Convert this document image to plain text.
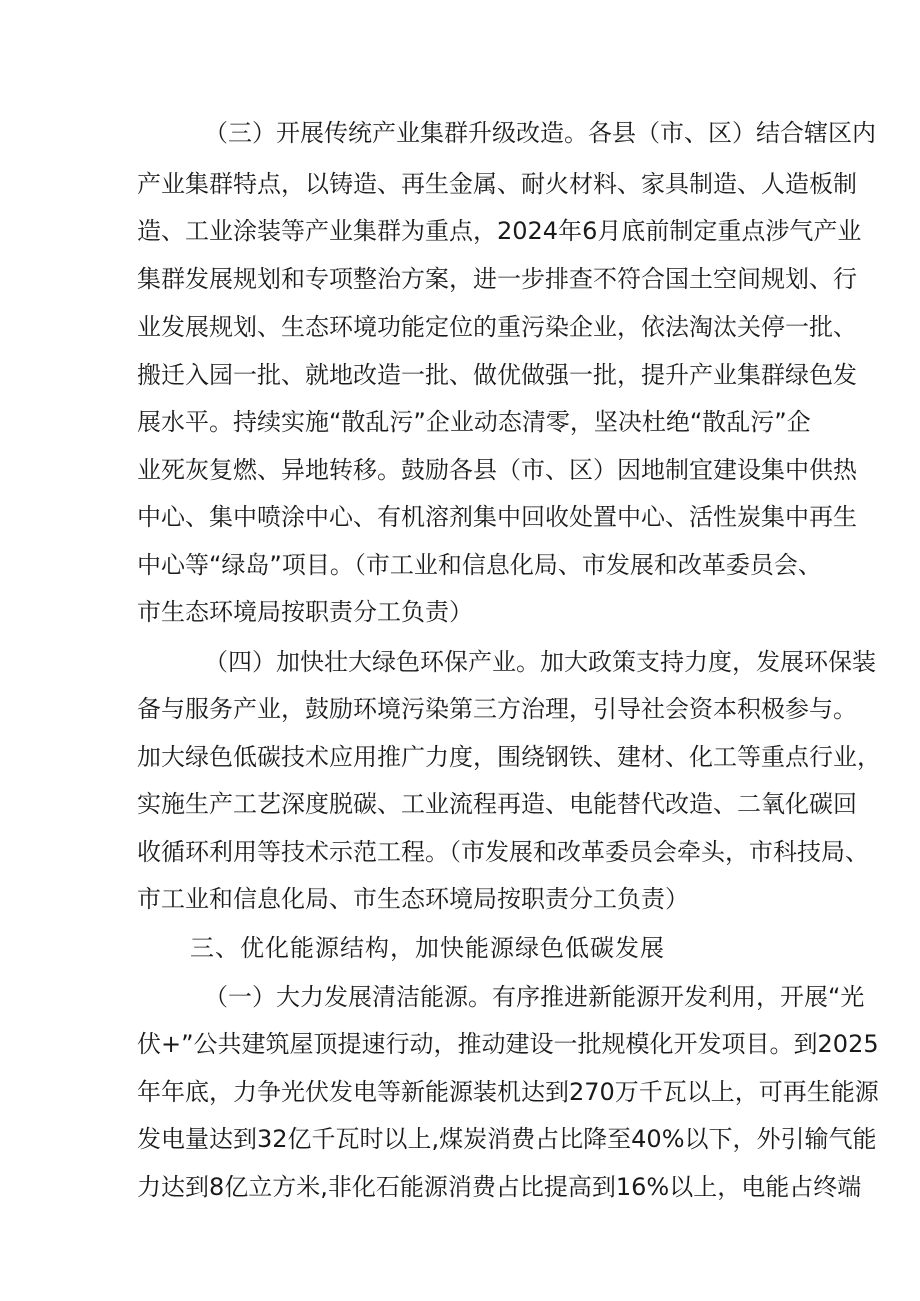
（三）开展传统产业集群升级改造。各县（市、区）结合辖区内

产业集群特点，以铸造、再生金属、耐火材料、家具制造、人造板制

造、工业涂装等产业集群为重点，2024年6月底前制定重点涉气产业

集群发展规划和专项整治方案，进一步排查不符合国土空间规划、行

业发展规划、生态环境功能定位的重污染企业，依法淘汰关停一批、

搬迁入园一批、就地改造一批、做优做强一批，提升产业集群绿色发

展水平。持续实施“散乱污”企业动态清零，坚决杜绝“散乱污”企

业死灰复燃、异地转移。鼓励各县（市、区）因地制宜建设集中供热

中心、集中喷涂中心、有机溶剂集中回收处置中心、活性炭集中再生

中心等“绿岛”项目。（市工业和信息化局、市发展和改革委员会、

市生态环境局按职责分工负责）

（四）加快壮大绿色环保产业。加大政策支持力度，发展环保装

备与服务产业，鼓励环境污染第三方治理，引导社会资本积极参与。

加大绿色低碳技术应用推广力度，围绕钢铁、建材、化工等重点行业，

实施生产工艺深度脱碳、工业流程再造、电能替代改造、二氧化碳回

收循环利用等技术示范工程。（市发展和改革委员会牵头，市科技局、

市工业和信息化局、市生态环境局按职责分工负责）

三、优化能源结构，加快能源绿色低碳发展

（一）大力发展清洁能源。有序推进新能源开发利用，开展“光

伏+”公共建筑屋顶提速行动，推动建设一批规模化开发项目。到2025

年年底，力争光伏发电等新能源装机达到270万千瓦以上，可再生能源

发电量达到32亿千瓦时以上,煤炭消费占比降至40%以下，外引输气能

力达到8亿立方米,非化石能源消费占比提高到16%以上，电能占终端
